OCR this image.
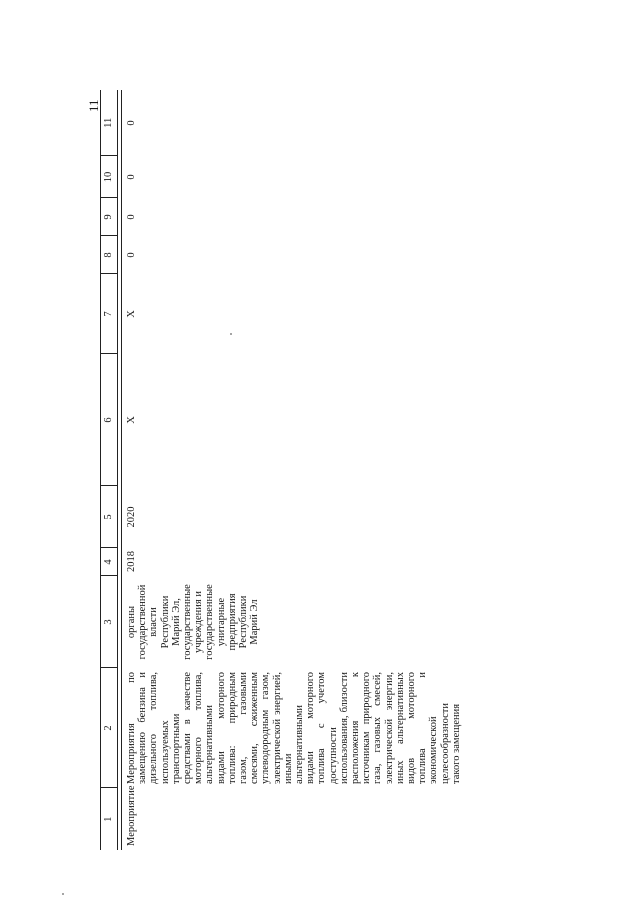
11
1	2	3	4	5	6	7	8	9	10	11

Мероприятие	Мероприятия по замещению бензина и дизельного топлива, используемых транспортными средствами в качестве моторного топлива, альтернативными видами моторного топлива: природным газом, газовыми смесями, сжиженным углеводородным газом, электрической энергией, иными альтернативными видами моторного топлива с учетом доступности использования, близости расположения к источникам природного газа, газовых смесей, электрической энергии, иных альтернативных видов моторного топлива и экономической целесообразности такого замещения	органы государственной власти Республики Марий Эл, государственные учреждения и государственные унитарные предприятия Республики Марий Эл	2018	2020	Х	Х	0	0	0	0
